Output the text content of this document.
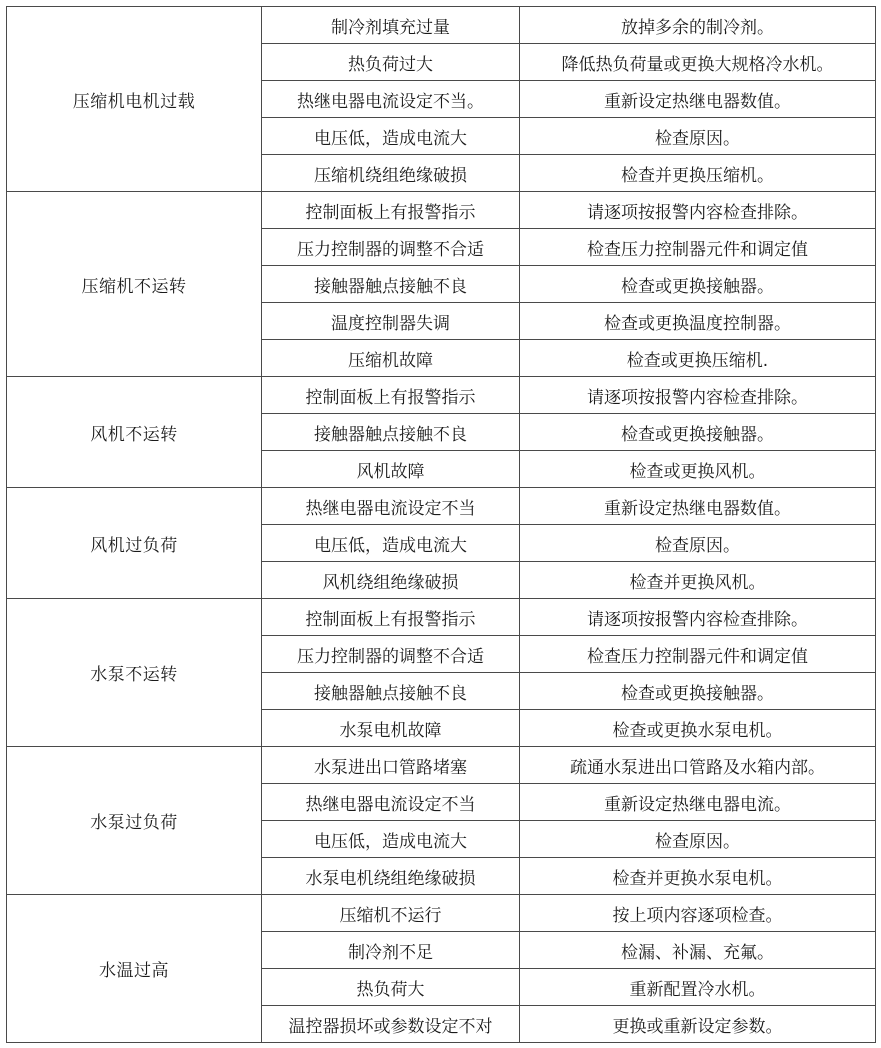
压缩机电机过载	制冷剂填充过量	放掉多余的制冷剂。
	热负荷过大	降低热负荷量或更换大规格冷水机。
	热继电器电流设定不当。	重新设定热继电器数值。
	电压低，造成电流大	检查原因。
	压缩机绕组绝缘破损	检查并更换压缩机。
压缩机不运转	控制面板上有报警指示	请逐项按报警内容检查排除。
	压力控制器的调整不合适	检查压力控制器元件和调定值
	接触器触点接触不良	检查或更换接触器。
	温度控制器失调	检查或更换温度控制器。
	压缩机故障	检查或更换压缩机.
风机不运转	控制面板上有报警指示	请逐项按报警内容检查排除。
	接触器触点接触不良	检查或更换接触器。
	风机故障	检查或更换风机。
风机过负荷	热继电器电流设定不当	重新设定热继电器数值。
	电压低，造成电流大	检查原因。
	风机绕组绝缘破损	检查并更换风机。
水泵不运转	控制面板上有报警指示	请逐项按报警内容检查排除。
	压力控制器的调整不合适	检查压力控制器元件和调定值
	接触器触点接触不良	检查或更换接触器。
	水泵电机故障	检查或更换水泵电机。
水泵过负荷	水泵进出口管路堵塞	疏通水泵进出口管路及水箱内部。
	热继电器电流设定不当	重新设定热继电器电流。
	电压低，造成电流大	检查原因。
	水泵电机绕组绝缘破损	检查并更换水泵电机。
水温过高	压缩机不运行	按上项内容逐项检查。
	制冷剂不足	检漏、补漏、充氟。
	热负荷大	重新配置冷水机。
	温控器损坏或参数设定不对	更换或重新设定参数。
